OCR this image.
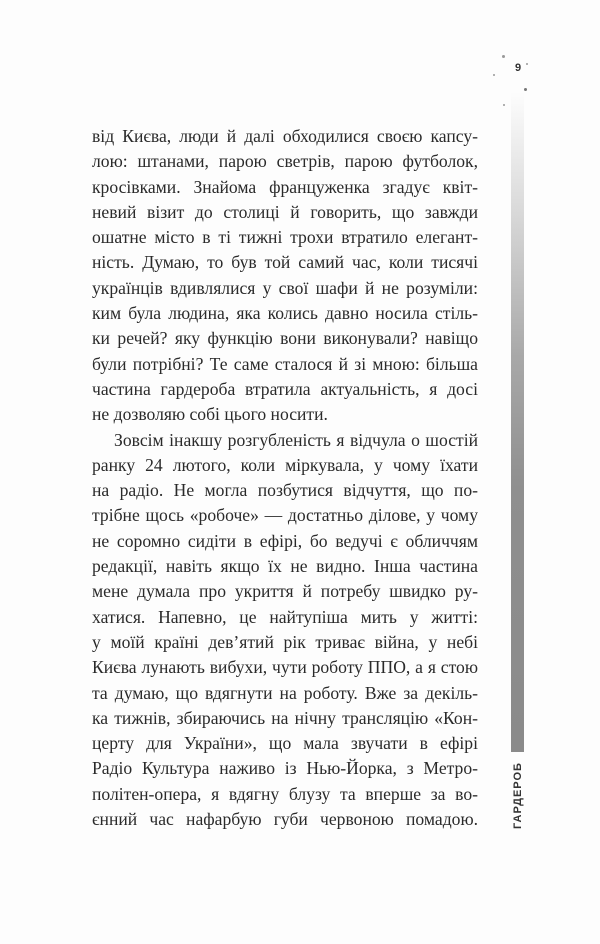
9
ГАРДЕРОБ
від Києва, люди й далі обходилися своєю капсу-
лою: штанами, парою светрів, парою футболок,
кросівками. Знайома француженка згадує квіт-
невий візит до столиці й говорить, що завжди
ошатне місто в ті тижні трохи втратило елегант-
ність. Думаю, то був той самий час, коли тисячі
українців вдивлялися у свої шафи й не розуміли:
ким була людина, яка колись давно носила стіль-
ки речей? яку функцію вони виконували? навіщо
були потрібні? Те саме сталося й зі мною: більша
частина гардероба втратила актуальність, я досі
не дозволяю собі цього носити.
Зовсім інакшу розгубленість я відчула о шостій
ранку 24 лютого, коли міркувала, у чому їхати
на радіо. Не могла позбутися відчуття, що по-
трібне щось «робоче» — достатньо ділове, у чому
не соромно сидіти в ефірі, бо ведучі є обличчям
редакції, навіть якщо їх не видно. Інша частина
мене думала про укриття й потребу швидко ру-
хатися. Напевно, це найтупіша мить у житті:
у моїй країні дев’ятий рік триває війна, у небі
Києва лунають вибухи, чути роботу ППО, а я стою
та думаю, що вдягнути на роботу. Вже за декіль-
ка тижнів, збираючись на нічну трансляцію «Кон-
церту для України», що мала звучати в ефірі
Радіо Культура наживо із Нью-Йорка, з Метро-
політен-опера, я вдягну блузу та вперше за во-
єнний час нафарбую губи червоною помадою.
